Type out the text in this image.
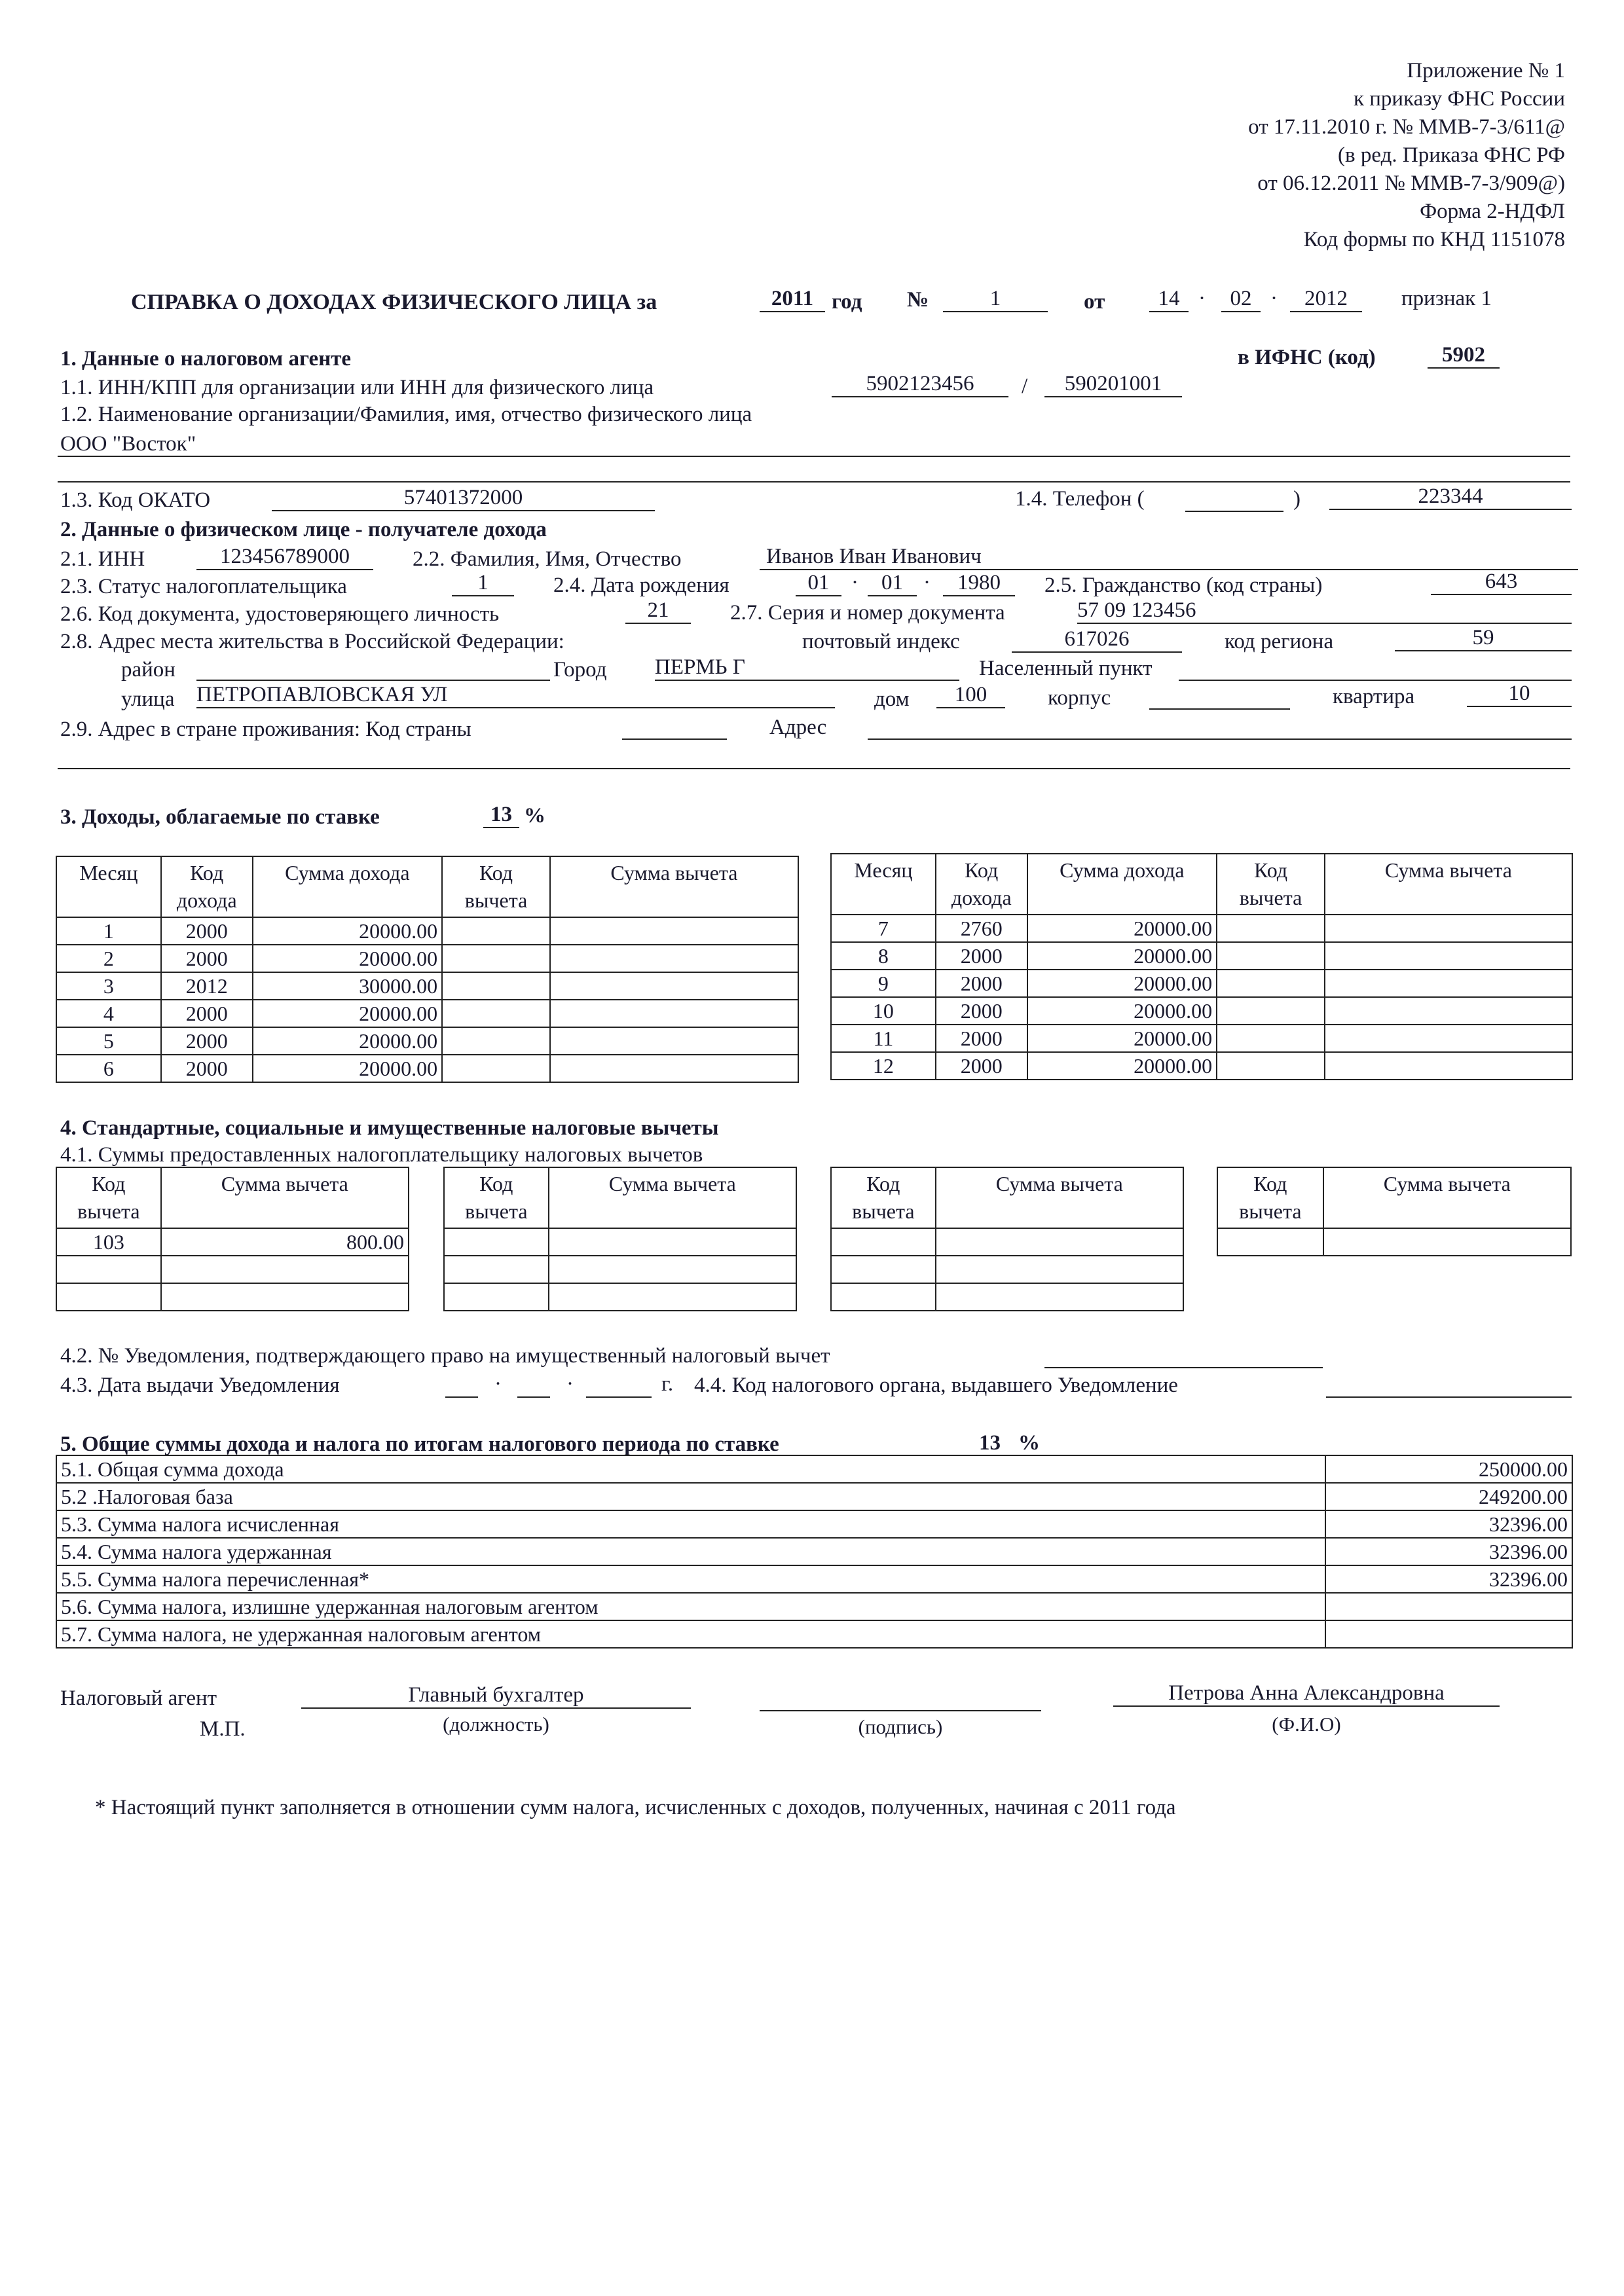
Приложение № 1
к приказу ФНС России
от 17.11.2010 г. № ММВ-7-3/611@
(в ред. Приказа ФНС РФ
от 06.12.2011 № ММВ-7-3/909@)
Форма 2-НДФЛ
Код формы по КНД 1151078
СПРАВКА О ДОХОДАХ ФИЗИЧЕСКОГО ЛИЦА за	2011 год №	1	от	14 ·	02 ·	2012	признак 1
1. Данные о налоговом агенте	в ИФНС (код)	5902
1.1. ИНН/КПП для организации или ИНН для физического лица	5902123456	/	590201001
1.2. Наименование организации/Фамилия, имя, отчество физического лица
ООО "Восток"
1.3. Код ОКАТО	57401372000	1.4. Телефон (	)	223344
2. Данные о физическом лице - получателе дохода
2.1. ИНН	123456789000	2.2. Фамилия, Имя, Отчество	Иванов Иван Иванович
2.3. Статус налогоплательщика	1	2.4. Дата рождения	01	·	01 ·	1980	2.5. Гражданство (код страны)	643
2.6. Код документа, удостоверяющего личность	21	2.7. Серия и номер документа	57 09 123456
2.8. Адрес места жительства в Российской Федерации:	почтовый индекс	617026	код региона	59
район	Город ПЕРМЬ Г	Населенный пункт
улица ПЕТРОПАВЛОВСКАЯ УЛ	дом	100	корпус	квартира	10
2.9. Адрес в стране проживания: Код страны	Адрес
3. Доходы, облагаемые по ставке	13 %
Месяц	Код дохода	Сумма дохода	Код вычета	Сумма вычета
1	2000	20000.00		
2	2000	20000.00		
3	2012	30000.00		
4	2000	20000.00		
5	2000	20000.00		
6	2000	20000.00		
Месяц	Код дохода	Сумма дохода	Код вычета	Сумма вычета
7	2760	20000.00		
8	2000	20000.00		
9	2000	20000.00		
10	2000	20000.00		
11	2000	20000.00		
12	2000	20000.00		
4. Стандартные, социальные и имущественные налоговые вычеты
4.1. Суммы предоставленных налогоплательщику налоговых вычетов
Код вычета	Сумма вычета
103	800.00

Код вычета	Сумма вычета

		Код вычета	Сумма вычета

		Код вычета	Сумма вычета

4.2. № Уведомления, подтверждающего право на имущественный налоговый вычет
4.3. Дата выдачи Уведомления	·	·	г. 4.4. Код налогового органа, выдавшего Уведомление
5. Общие суммы дохода и налога по итогам налогового периода по ставке	13 %
5.1. Общая сумма дохода	250000.00
5.2 .Налоговая база	249200.00
5.3. Сумма налога исчисленная	32396.00
5.4. Сумма налога удержанная	32396.00
5.5. Сумма налога перечисленная*	32396.00
5.6. Сумма налога, излишне удержанная налоговым агентом	
5.7. Сумма налога, не удержанная налоговым агентом	
Налоговый агент
М.П.
Главный бухгалтер
(должность)	(подпись)
Петрова Анна Александровна
(Ф.И.О)
* Настоящий пункт заполняется в отношении сумм налога, исчисленных с доходов, полученных, начиная с 2011 года
